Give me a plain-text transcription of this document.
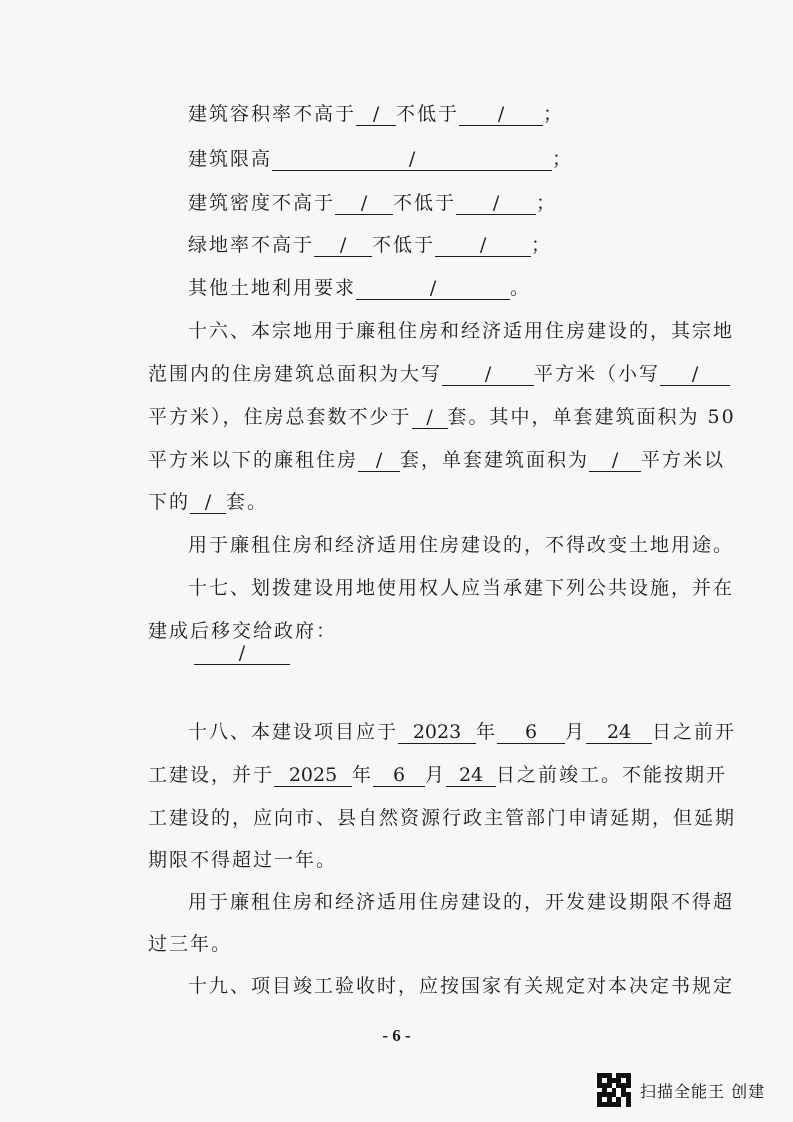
建筑容积率不高于 / 不低于 / ；
建筑限高	/	；
建筑密度不高于 / 不低于 / ；
绿地率不高于 / 不低于 / ；
其他土地利用要求	/	。
十六、本宗地用于廉租住房和经济适用住房建设的，其宗地
范围内的住房建筑总面积为大写 / 平方米（小写 /
平方米），住房总套数不少于 / 套。其中，单套建筑面积为 50
平方米以下的廉租住房 / 套，单套建筑面积为 / 平方米以
下的 / 套。
用于廉租住房和经济适用住房建设的，不得改变土地用途。
十七、划拨建设用地使用权人应当承建下列公共设施，并在
建成后移交给政府：
/
十八、本建设项目应于 2023 年 6 月 24 日之前开
工建设，并于 2025 年 6 月 24 日之前竣工。不能按期开
工建设的，应向市、县自然资源行政主管部门申请延期，但延期
期限不得超过一年。
用于廉租住房和经济适用住房建设的，开发建设期限不得超
过三年。
十九、项目竣工验收时，应按国家有关规定对本决定书规定
- 6 -
扫描全能王 创建
